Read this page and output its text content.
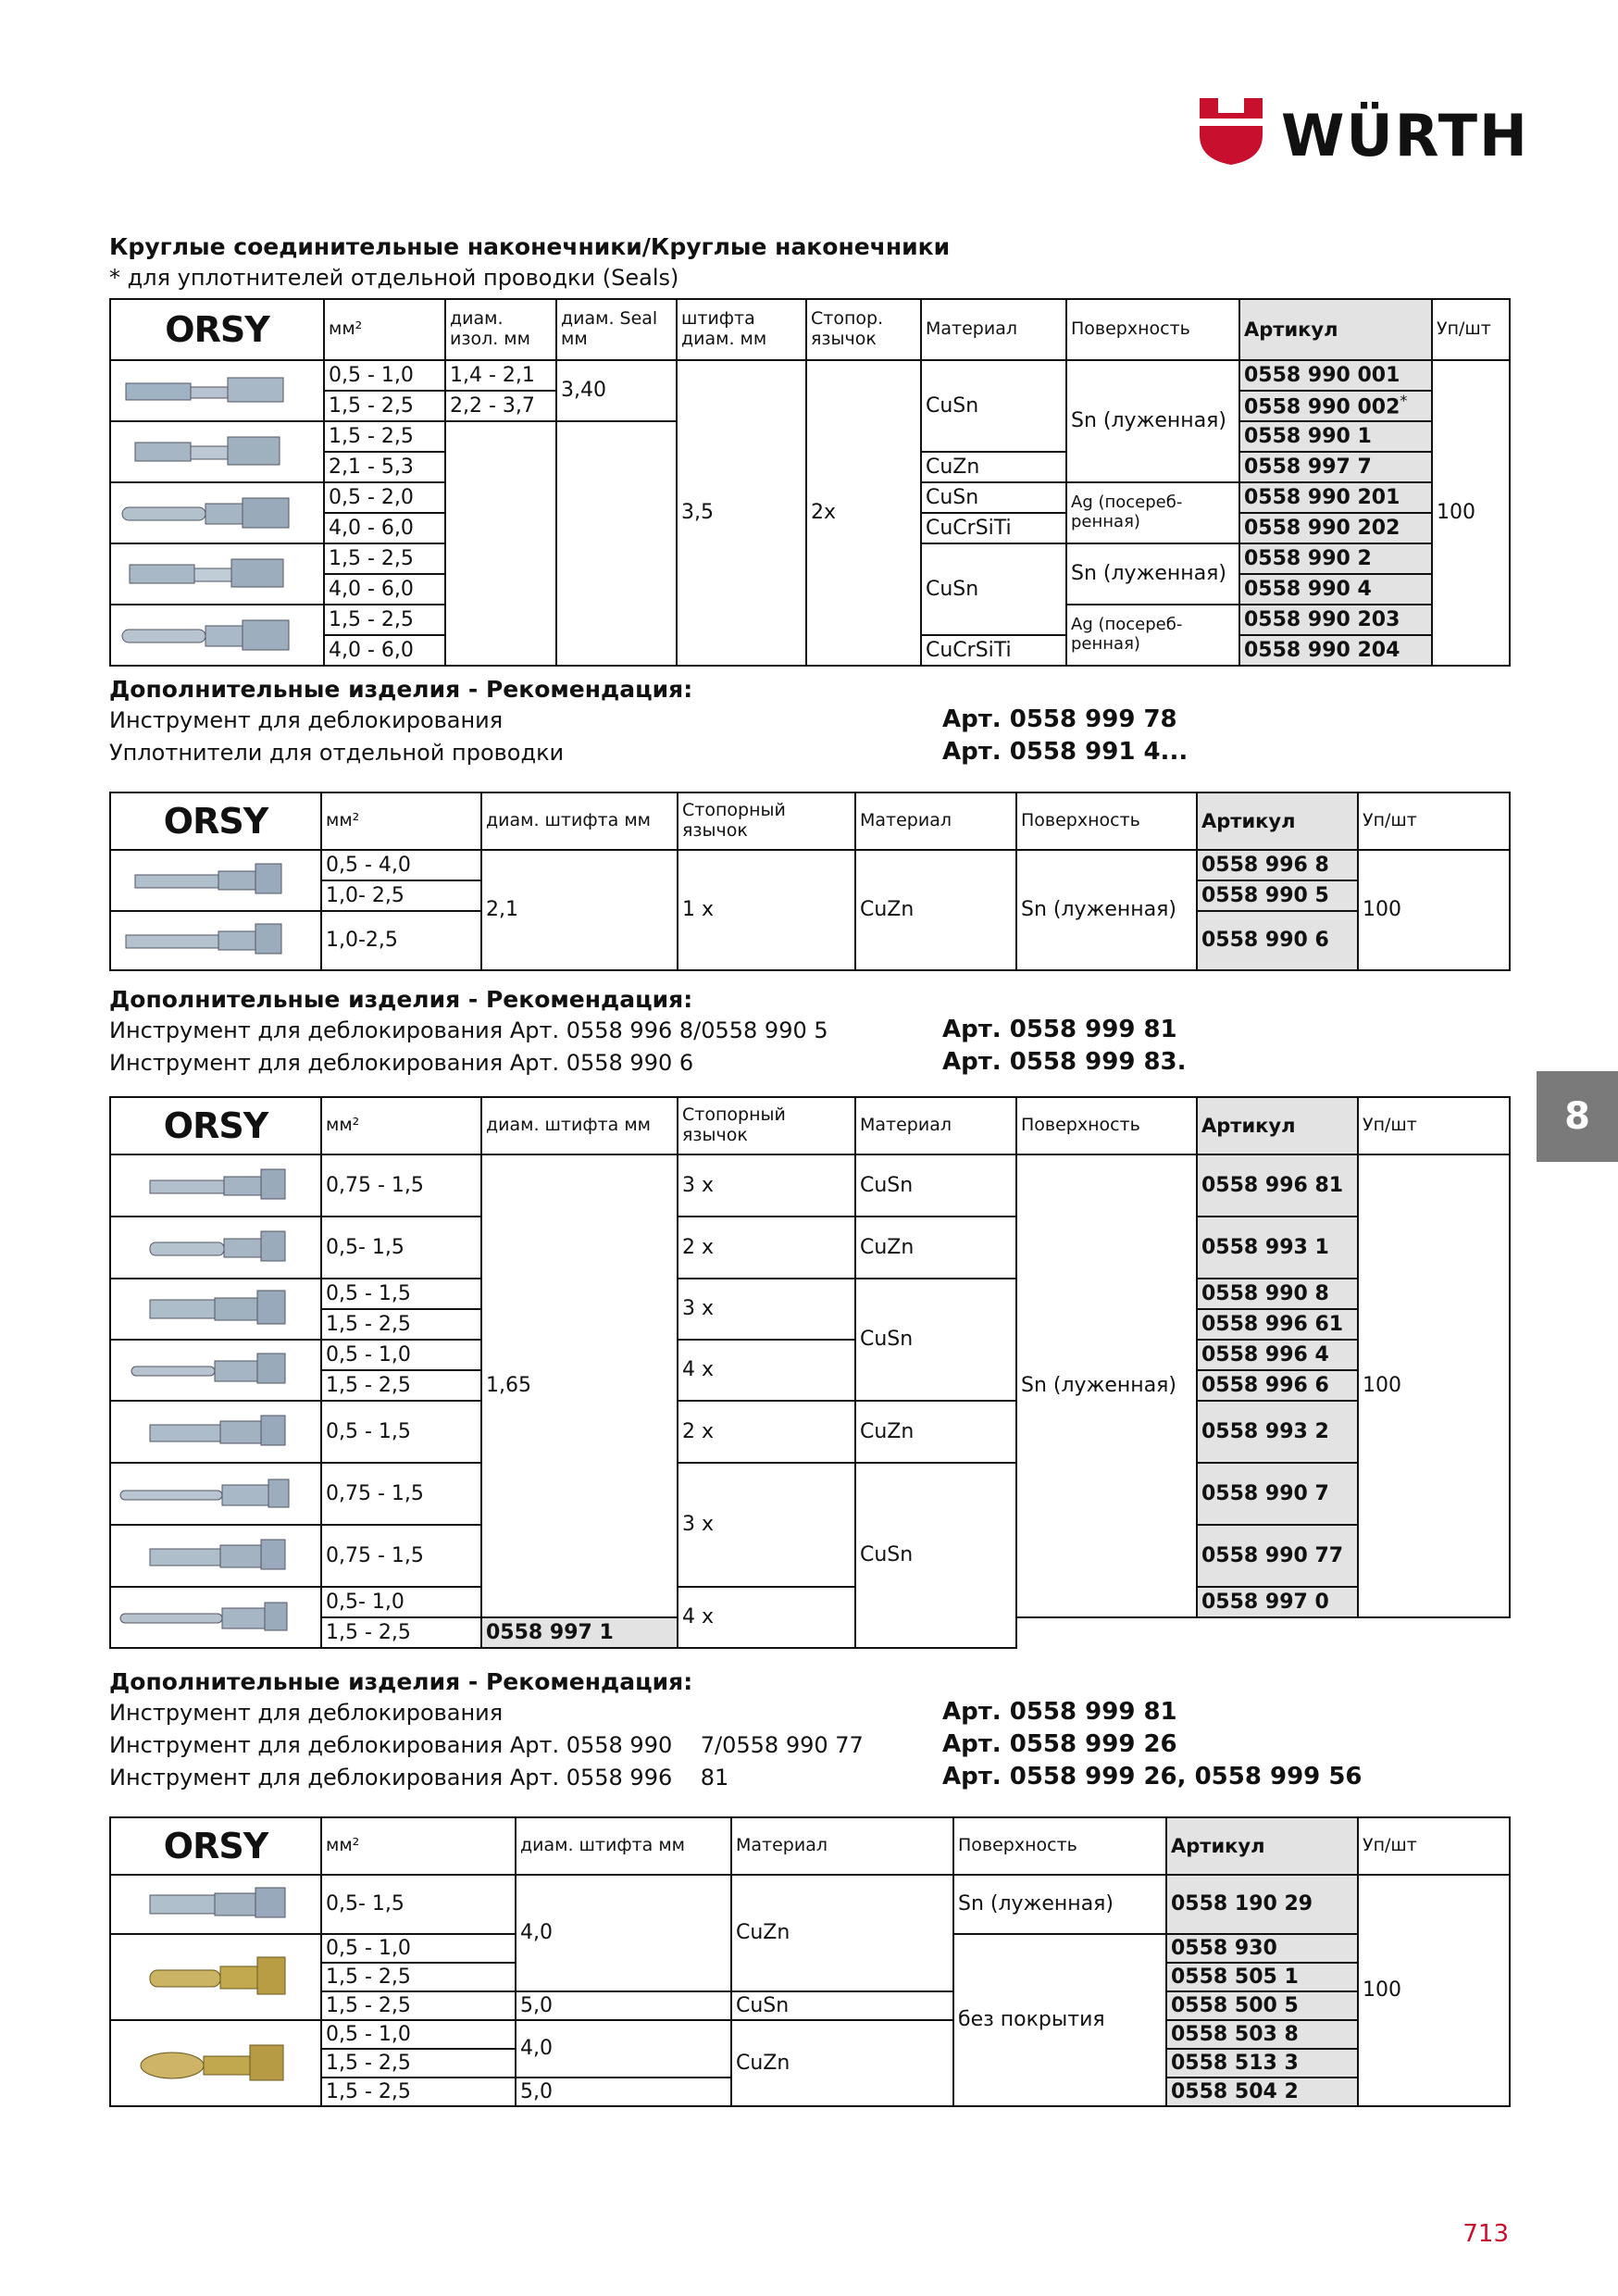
WÜRTH
8
713
Круглые соединительные наконечники/Круглые наконечники
* для уплотнителей отдельной проводки (Seals)
ORSY	мм²	диам. изол. мм	диам. Seal мм	штифта диам. мм	Стопор. язычок	Материал	Поверхность	Артикул	Уп/шт

	0,5 - 1,0	1,4 - 2,1	3,40	3,5	2x	CuSn	Sn (луженная)	0558 990 001	100
	1,5 - 2,5	2,2 - 3,7						0558 990 002*

	1,5 - 2,5							0558 990 1	
	2,1 - 5,3					CuZn		0558 997 7	

	0,5 - 2,0					CuSn	Ag (посереб-ренная)	0558 990 201	
	4,0 - 6,0					CuCrSiTi		0558 990 202	

	1,5 - 2,5					CuSn	Sn (луженная)	0558 990 2	
	4,0 - 6,0							0558 990 4	

	1,5 - 2,5						Ag (посереб-ренная)	0558 990 203	
	4,0 - 6,0					CuCrSiTi		0558 990 204	
Дополнительные изделия - Рекомендация:
Инструмент для деблокирования	Арт. 0558 999 78
Уплотнители для отдельной проводки	Арт. 0558 991 4...
ORSY	мм²	диам. штифта мм	Стопорный язычок	Материал	Поверхность	Артикул	Уп/шт

	0,5 - 4,0	2,1	1 x	CuZn	Sn (луженная)	0558 996 8	100
	1,0- 2,5					0558 990 5	

	1,0-2,5					0558 990 6	
Дополнительные изделия - Рекомендация:
Инструмент для деблокирования Арт. 0558 996 8/0558 990 5	Арт. 0558 999 81
Инструмент для деблокирования Арт. 0558 990 6	Арт. 0558 999 83.
ORSY	мм²	диам. штифта мм	Стопорный язычок	Материал	Поверхность	Артикул	Уп/шт

	0,75 - 1,5	1,65	3 x	CuSn	Sn (луженная)	0558 996 81	100

	0,5- 1,5		2 x	CuZn		0558 993 1	

	0,5 - 1,5		3 x	CuSn		0558 990 8	
	1,5 - 2,5					0558 996 61	

	0,5 - 1,0		4 x			0558 996 4	
	1,5 - 2,5					0558 996 6	

	0,5 - 1,5		2 x	CuZn		0558 993 2	

	0,75 - 1,5		3 x	CuSn		0558 990 7	

	0,75 - 1,5					0558 990 77	

	0,5- 1,0		4 x			0558 997 0	
	1,5 - 2,5	0558 997 1					
Дополнительные изделия - Рекомендация:
Инструмент для деблокирования	Арт. 0558 999 81
Инструмент для деблокирования Арт. 0558 990    7/0558 990 77	Арт. 0558 999 26
Инструмент для деблокирования Арт. 0558 996    81	Арт. 0558 999 26, 0558 999 56
ORSY	мм²	диам. штифта мм	Материал	Поверхность	Артикул	Уп/шт

	0,5- 1,5	4,0	CuZn	Sn (луженная)	0558 190 29	100

	0,5 - 1,0			без покрытия	0558 930	
	1,5 - 2,5				0558 505 1	
	1,5 - 2,5	5,0	CuSn		0558 500 5	

	0,5 - 1,0	4,0	CuZn		0558 503 8	
	1,5 - 2,5				0558 513 3	
	1,5 - 2,5	5,0			0558 504 2	
